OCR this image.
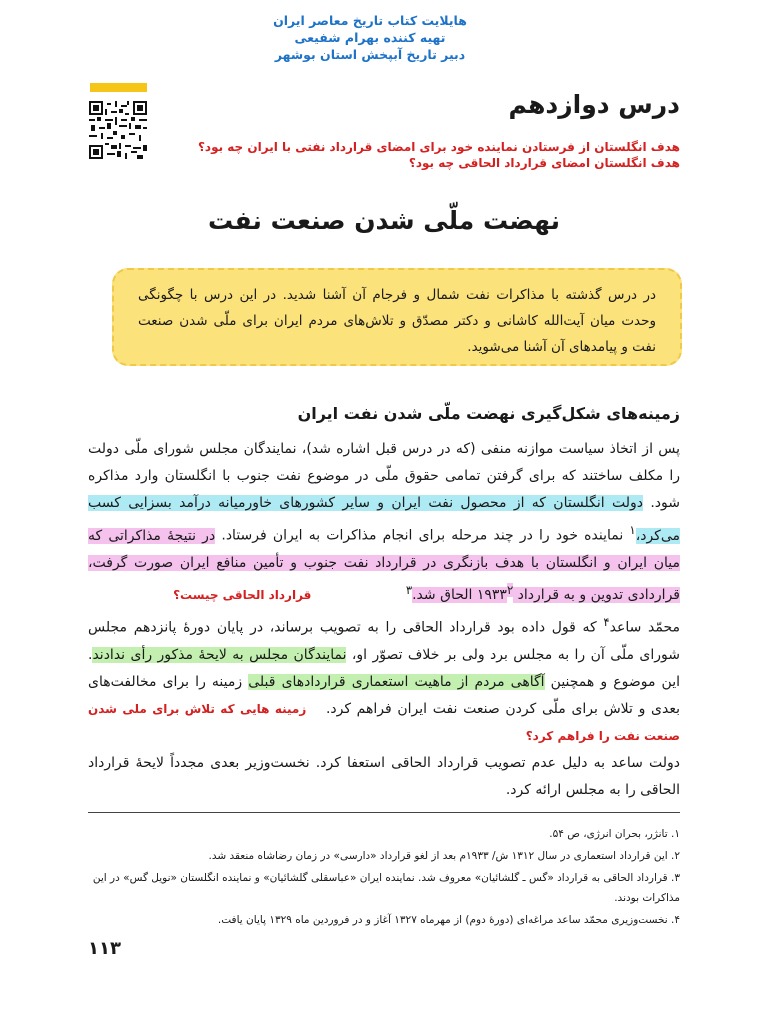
هایلایت کتاب تاریخ معاصر ایران
تهیه کننده بهرام شفیعی
دبیر تاریخ آبپخش استان بوشهر
درس دوازدهم
هدف انگلستان از فرستادن نماینده خود برای امضای قرارداد نفتی با ایران چه بود؟
هدف انگلستان امضای قرارداد الحاقی چه بود؟
نهضت ملّی شدن صنعت نفت
در درس گذشته با مذاکرات نفت شمال و فرجام آن آشنا شدید. در این درس با چگونگی وحدت میان آیت‌الله کاشانی و دکتر مصدّق و تلاش‌های مردم ایران برای ملّی شدن صنعت نفت و پیامدهای آن آشنا می‌شوید.
زمینه‌های شکل‌گیری نهضت ملّی شدن نفت ایران

پس از اتخاذ سیاست موازنه منفی (که در درس قبل اشاره شد)، نمایندگان مجلس شورای ملّی دولت را مکلف ساختند که برای گرفتن تمامی حقوق ملّی در موضوع نفت جنوب با انگلستان وارد مذاکره شود. دولت انگلستان که از محصول نفت ایران و سایر کشورهای خاورمیانه درآمد بسزایی کسب می‌کرد،$^۱$ نماینده خود را در چند مرحله برای انجام مذاکرات به ایران فرستاد. در نتیجهٔ مذاکراتی که میان ایران و انگلستان با هدف بازنگری در قرارداد نفت جنوب و تأمین منافع ایران صورت گرفت، قراردادی تدوین و به قرارداد ۱۹۳۳$^۲$ الحاق شد.$^۳$ قرارداد الحاقی چیست؟

محمّد ساعد$^۴$ که قول داده بود قرارداد الحاقی را به تصویب برساند، در پایان دورهٔ پانزدهم مجلس شورای ملّی آن را به مجلس برد ولی بر خلاف تصوّر او، نمایندگان مجلس به لایحهٔ مذکور رأی ندادند. این موضوع و همچنین آگاهی مردم از ماهیت استعماری قراردادهای قبلی زمینه را برای مخالفت‌های بعدی و تلاش برای ملّی کردن صنعت نفت ایران فراهم کرد. زمینه هایی که تلاش برای ملی شدن صنعت نفت را فراهم کرد؟

دولت ساعد به دلیل عدم تصویب قرارداد الحاقی استعفا کرد. نخست‌وزیر بعدی مجدداً لایحهٔ قرارداد الحاقی را به مجلس ارائه کرد.

۱. تانژر، بحران انرژی، ص ۵۴.
۲. این قرارداد استعماری در سال ۱۳۱۲ ش/ ۱۹۳۳م بعد از لغو قرارداد «دارسی» در زمان رضاشاه منعقد شد.
۳. قرارداد الحاقی به قرارداد «گس ـ گلشائیان» معروف شد. نماینده ایران «عباسقلی گلشائیان» و نماینده انگلستان «نویل گس» در این مذاکرات بودند.
۴. نخست‌وزیری محمّد ساعد مراغه‌ای (دورهٔ دوم) از مهرماه ۱۳۲۷ آغاز و در فروردین ماه ۱۳۲۹ پایان یافت.
۱۱۳
